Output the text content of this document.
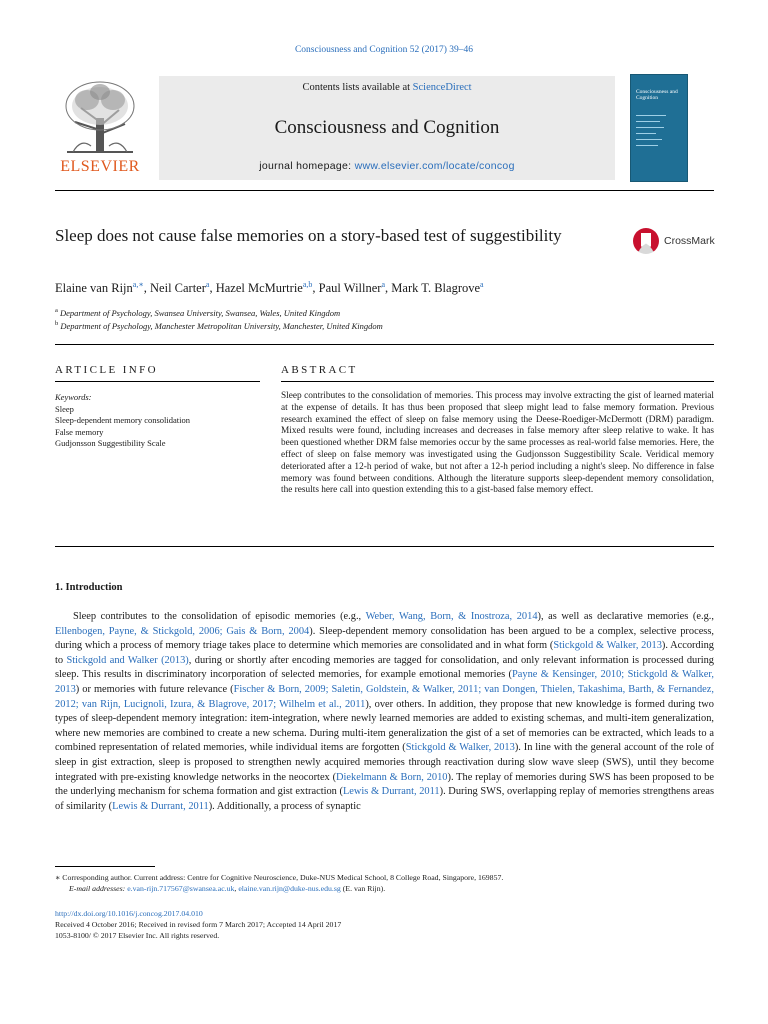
Consciousness and Cognition 52 (2017) 39–46
ELSEVIER
Contents lists available at ScienceDirect
Consciousness and Cognition
journal homepage: www.elsevier.com/locate/concog
Consciousness and Cognition
Sleep does not cause false memories on a story-based test of suggestibility	CrossMark
Elaine van Rijn$^{a,∗}$, Neil Carter$^a$, Hazel McMurtrie$^{a,b}$, Paul Willner$^a$, Mark T. Blagrove$^a$
$^a$ Department of Psychology, Swansea University, Swansea, Wales, United Kingdom
$^b$ Department of Psychology, Manchester Metropolitan University, Manchester, United Kingdom
ARTICLE INFO	ABSTRACT
Keywords:
Sleep
Sleep-dependent memory consolidation
False memory
Gudjonsson Suggestibility Scale
Sleep contributes to the consolidation of memories. This process may involve extracting the gist of learned material at the expense of details. It has thus been proposed that sleep might lead to false memory formation. Previous research examined the effect of sleep on false memory using the Deese-Roediger-McDermott (DRM) paradigm. Mixed results were found, including increases and decreases in false memory after sleep relative to wake. It has been questioned whether DRM false memories occur by the same processes as real-world false memories. Here, the effect of sleep on false memory was investigated using the Gudjonsson Suggestibility Scale. Veridical memory deteriorated after a 12-h period of wake, but not after a 12-h period including a night's sleep. No difference in false memory was found between conditions. Although the literature supports sleep-dependent memory consolidation, the results here call into question extending this to a gist-based false memory effect.
1. Introduction

Sleep contributes to the consolidation of episodic memories (e.g., Weber, Wang, Born, & Inostroza, 2014), as well as declarative memories (e.g., Ellenbogen, Payne, & Stickgold, 2006; Gais & Born, 2004). Sleep-dependent memory consolidation has been argued to be a complex, selective process, during which a process of memory triage takes place to determine which memories are consolidated and in what form (Stickgold & Walker, 2013). According to Stickgold and Walker (2013), during or shortly after encoding memories are tagged for consolidation, and only relevant information is processed during sleep. This results in discriminatory incorporation of selected memories, for example emotional memories (Payne & Kensinger, 2010; Stickgold & Walker, 2013) or memories with future relevance (Fischer & Born, 2009; Saletin, Goldstein, & Walker, 2011; van Dongen, Thielen, Takashima, Barth, & Fernandez, 2012; van Rijn, Lucignoli, Izura, & Blagrove, 2017; Wilhelm et al., 2011), over others. In addition, they propose that new knowledge is formed during two types of sleep-dependent memory integration: item-integration, where newly learned memories are added to existing schemas, and multi-item generalization, where new memories are combined to create a new schema. During multi-item generalization the gist of a set of memories can be extracted, which leads to a combined representation of related memories, while individual items are forgotten (Stickgold & Walker, 2013). In line with the general account of the role of sleep in gist extraction, sleep is proposed to strengthen newly acquired memories through reactivation during slow wave sleep (SWS), until they become integrated with pre-existing knowledge networks in the neocortex (Diekelmann & Born, 2010). The replay of memories during SWS has been proposed to be the underlying mechanism for schema formation and gist extraction (Lewis & Durrant, 2011). During SWS, overlapping replay of memories strengthens areas of similarity (Lewis & Durrant, 2011). Additionally, a process of synaptic

∗ Corresponding author. Current address: Centre for Cognitive Neuroscience, Duke-NUS Medical School, 8 College Road, Singapore, 169857.
E-mail addresses: e.van-rijn.717567@swansea.ac.uk, elaine.van.rijn@duke-nus.edu.sg (E. van Rijn).
http://dx.doi.org/10.1016/j.concog.2017.04.010
Received 4 October 2016; Received in revised form 7 March 2017; Accepted 14 April 2017
1053-8100/ © 2017 Elsevier Inc. All rights reserved.
